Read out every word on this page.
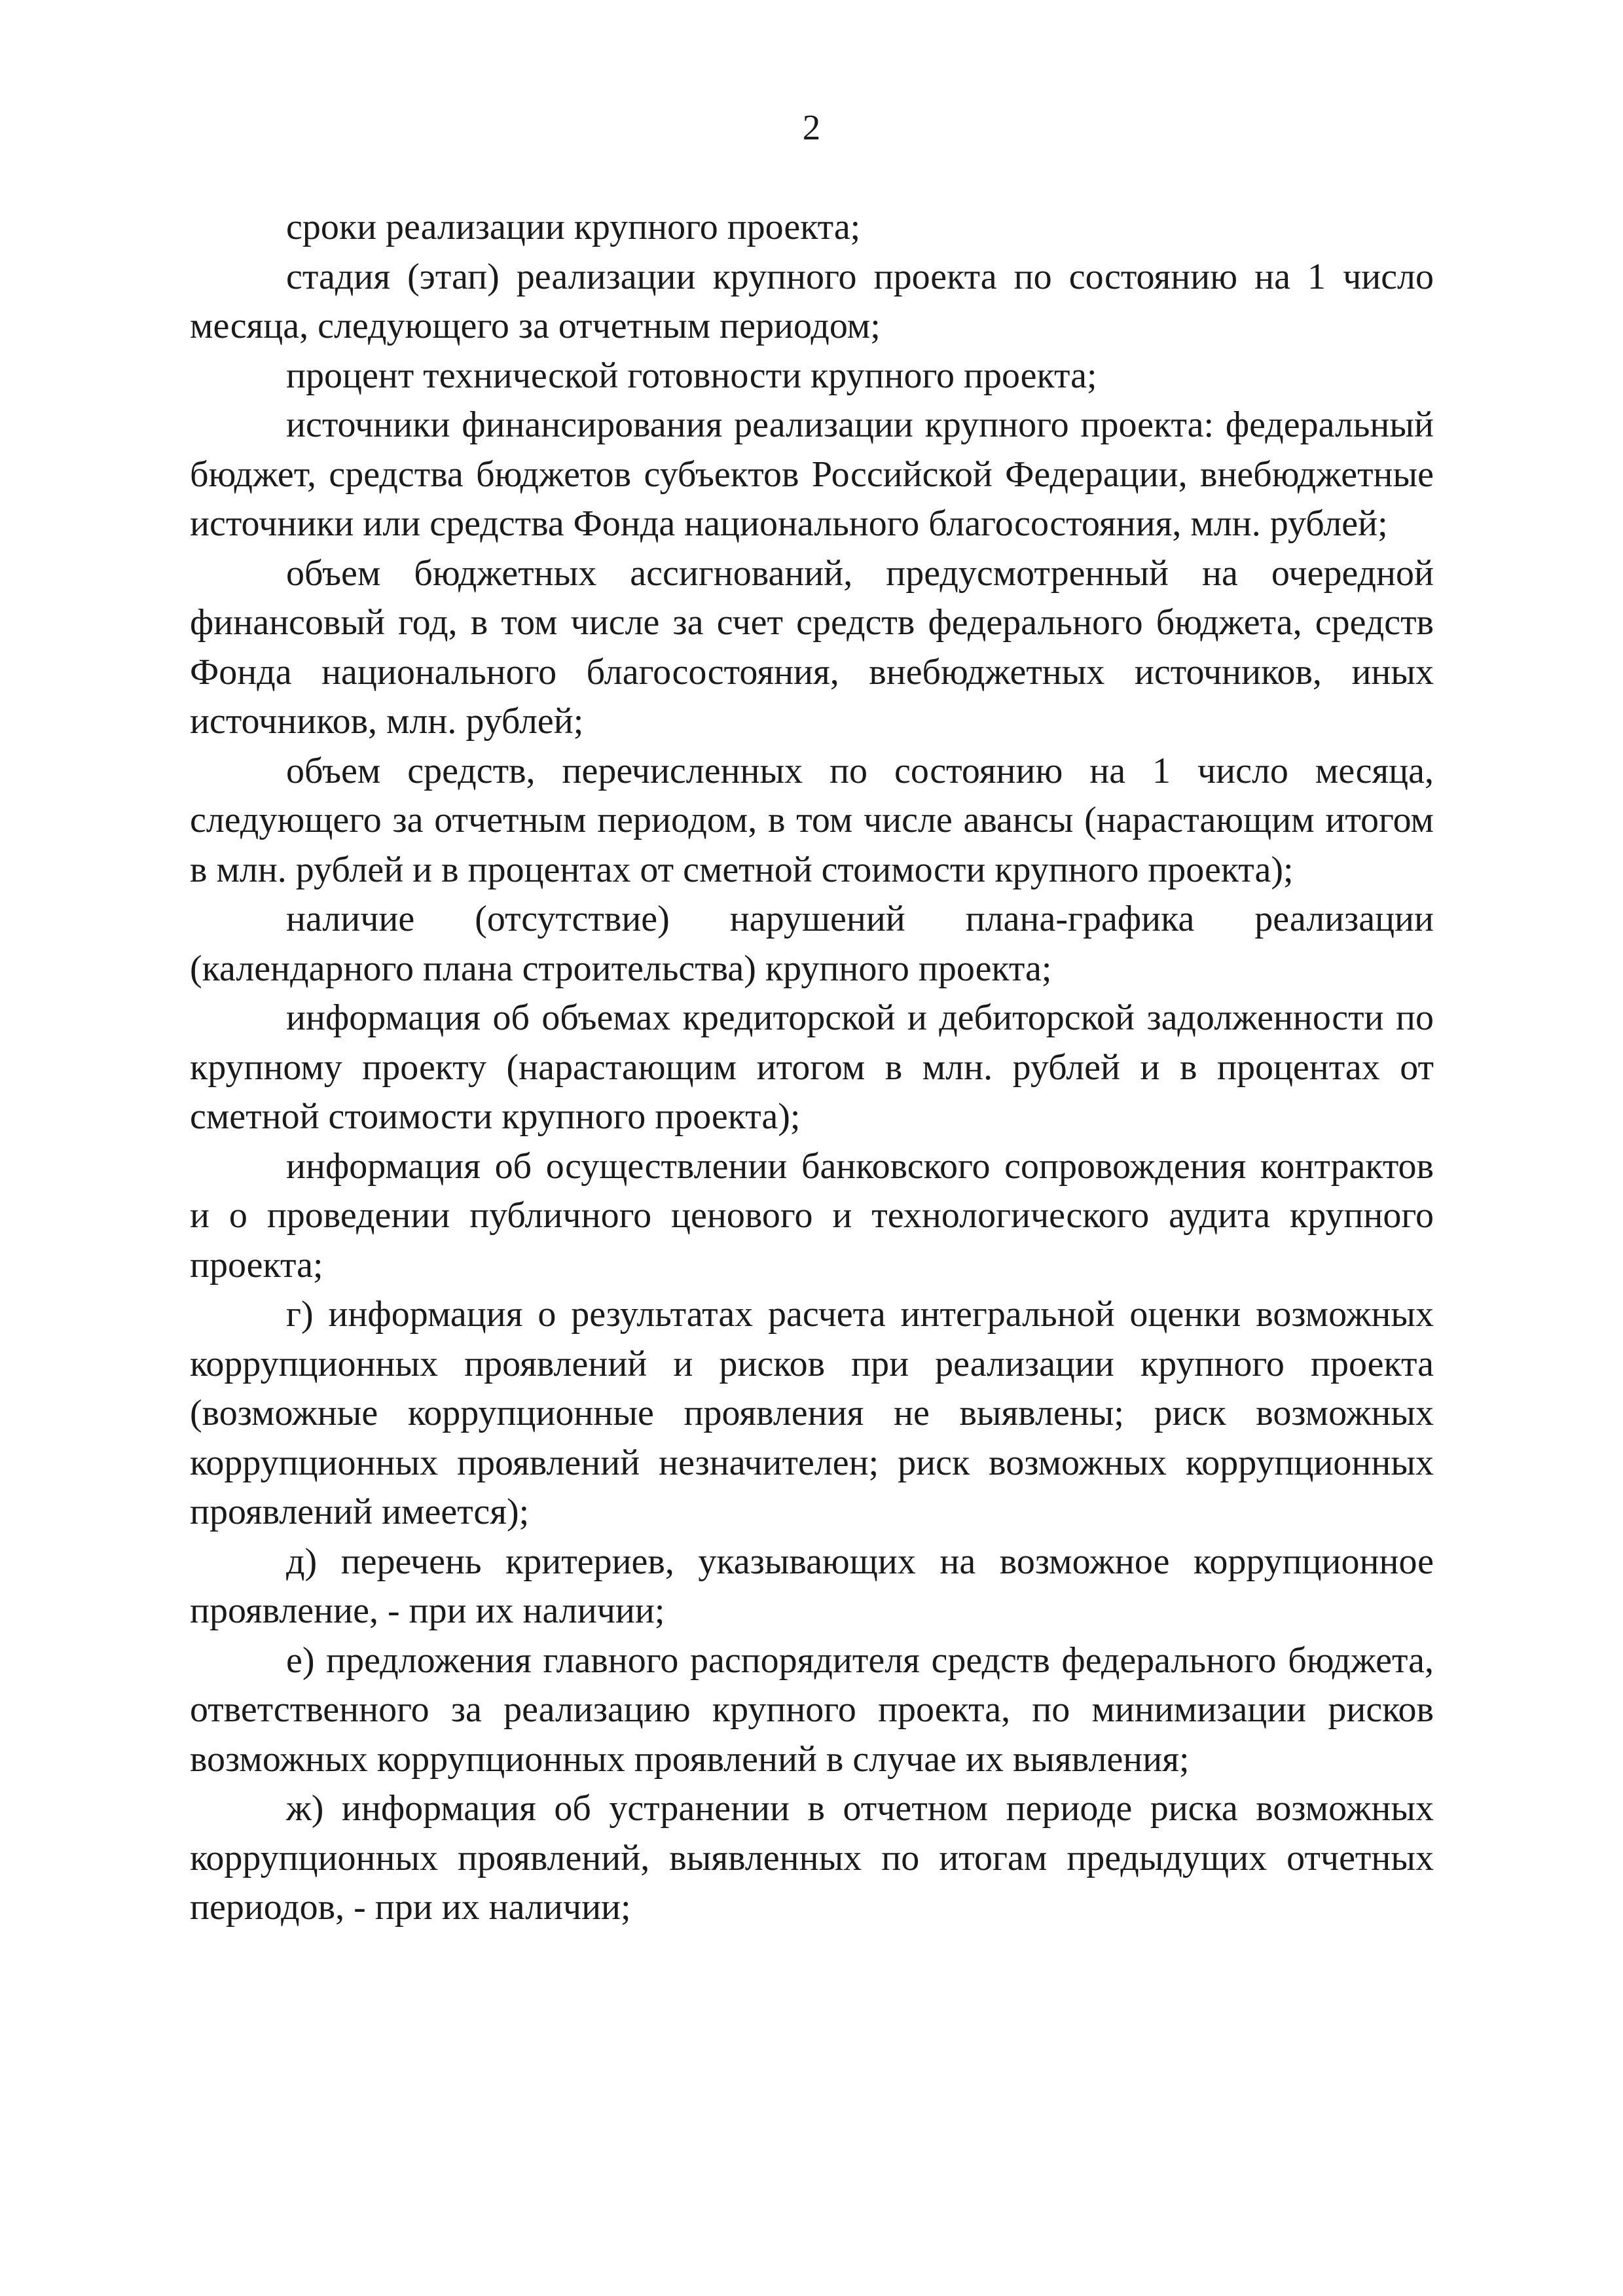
2

сроки реализации крупного проекта;

стадия (этап) реализации крупного проекта по состоянию на 1 число месяца, следующего за отчетным периодом;

процент технической готовности крупного проекта;

источники финансирования реализации крупного проекта: федеральный бюджет, средства бюджетов субъектов Российской Федерации, внебюджетные источники или средства Фонда национального благосостояния, млн. рублей;

объем бюджетных ассигнований, предусмотренный на очередной финансовый год, в том числе за счет средств федерального бюджета, средств Фонда национального благосостояния, внебюджетных источников, иных источников, млн. рублей;

объем средств, перечисленных по состоянию на 1 число месяца, следующего за отчетным периодом, в том числе авансы (нарастающим итогом в млн. рублей и в процентах от сметной стоимости крупного проекта);

наличие (отсутствие) нарушений плана-графика реализации (календарного плана строительства) крупного проекта;

информация об объемах кредиторской и дебиторской задолженности по крупному проекту (нарастающим итогом в млн. рублей и в процентах от сметной стоимости крупного проекта);

информация об осуществлении банковского сопровождения контрактов и о проведении публичного ценового и технологического аудита крупного проекта;

г) информация о результатах расчета интегральной оценки возможных коррупционных проявлений и рисков при реализации крупного проекта (возможные коррупционные проявления не выявлены; риск возможных коррупционных проявлений незначителен; риск возможных коррупционных проявлений имеется);

д) перечень критериев, указывающих на возможное коррупционное проявление, - при их наличии;

е) предложения главного распорядителя средств федерального бюджета, ответственного за реализацию крупного проекта, по минимизации рисков возможных коррупционных проявлений в случае их выявления;

ж) информация об устранении в отчетном периоде риска возможных коррупционных проявлений, выявленных по итогам предыдущих отчетных периодов, - при их наличии;
